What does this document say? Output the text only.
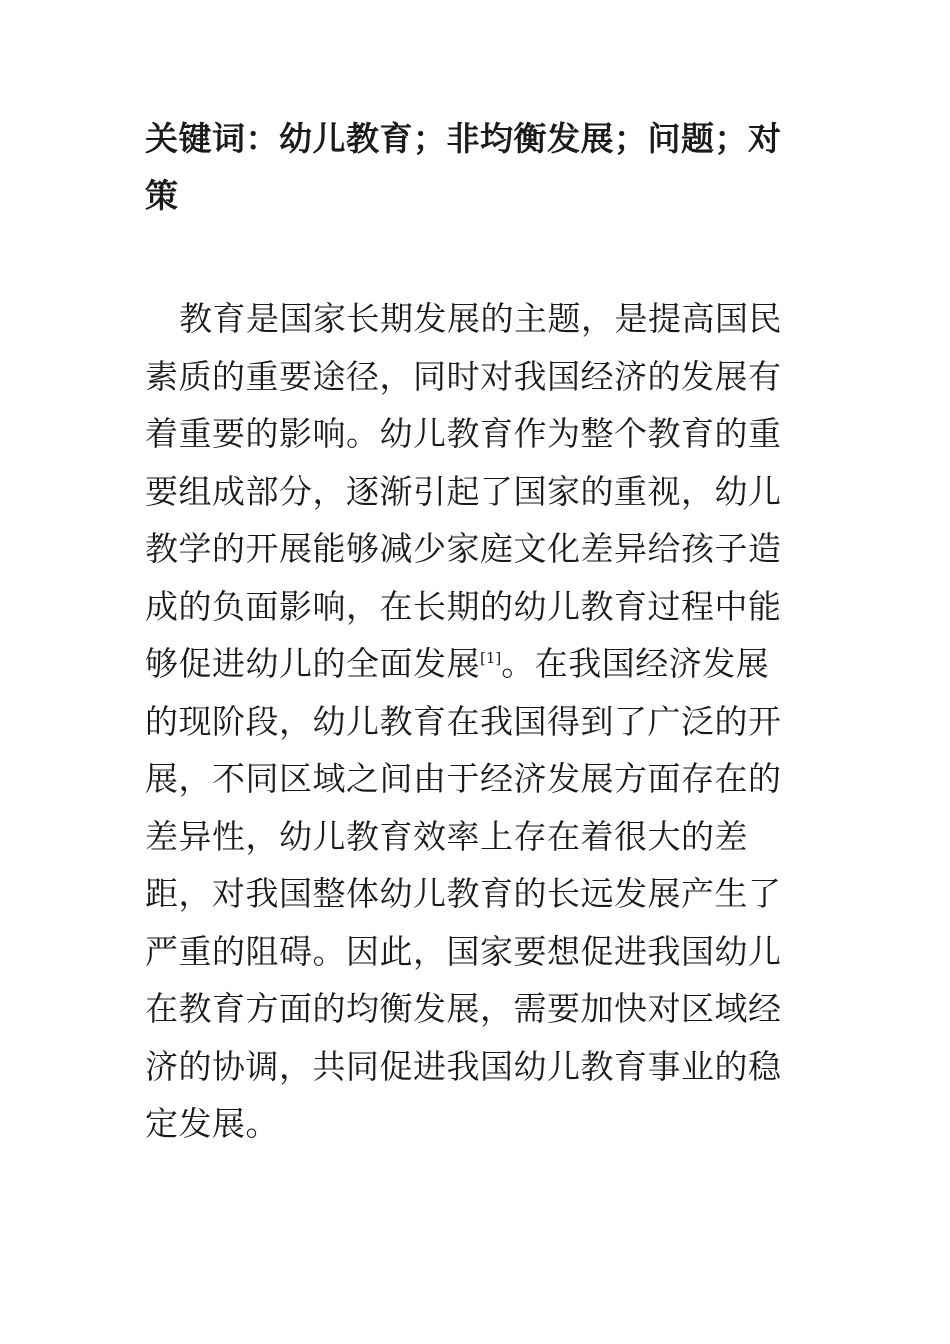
关键词：幼儿教育；非均衡发展；问题；对策

教育是国家长期发展的主题，是提高国民素质的重要途径，同时对我国经济的发展有着重要的影响。幼儿教育作为整个教育的重要组成部分，逐渐引起了国家的重视，幼儿教学的开展能够减少家庭文化差异给孩子造成的负面影响，在长期的幼儿教育过程中能够促进幼儿的全面发展[1]。在我国经济发展的现阶段，幼儿教育在我国得到了广泛的开展，不同区域之间由于经济发展方面存在的差异性，幼儿教育效率上存在着很大的差距，对我国整体幼儿教育的长远发展产生了严重的阻碍。因此，国家要想促进我国幼儿在教育方面的均衡发展，需要加快对区域经济的协调，共同促进我国幼儿教育事业的稳定发展。
